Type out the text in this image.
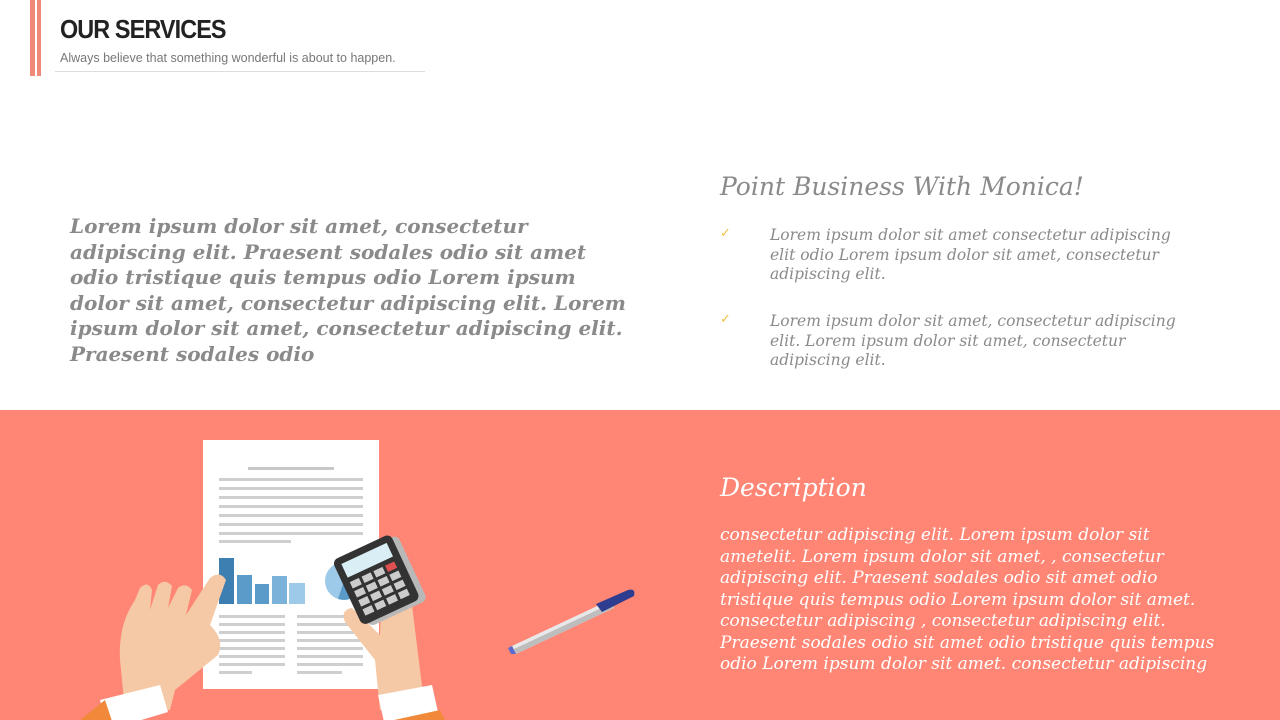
OUR SERVICES
Always believe that something wonderful is about to happen.
Lorem ipsum dolor sit amet, consectetur adipiscing elit. Praesent sodales odio sit amet odio tristique quis tempus odio Lorem ipsum dolor sit amet, consectetur adipiscing elit. Lorem ipsum dolor sit amet, consectetur adipiscing elit. Praesent sodales odio
Point Business With Monica!
✓	Lorem ipsum dolor sit amet consectetur adipiscing elit odio Lorem ipsum dolor sit amet, consectetur adipiscing elit.
✓	Lorem ipsum dolor sit amet, consectetur adipiscing elit. Lorem ipsum dolor sit amet, consectetur adipiscing elit.
Description
consectetur adipiscing elit. Lorem ipsum dolor sit ametelit. Lorem ipsum dolor sit amet, , consectetur adipiscing elit. Praesent sodales odio sit amet odio tristique quis tempus odio Lorem ipsum dolor sit amet. consectetur adipiscing , consectetur adipiscing elit. Praesent sodales odio sit amet odio tristique quis tempus odio Lorem ipsum dolor sit amet. consectetur adipiscing
